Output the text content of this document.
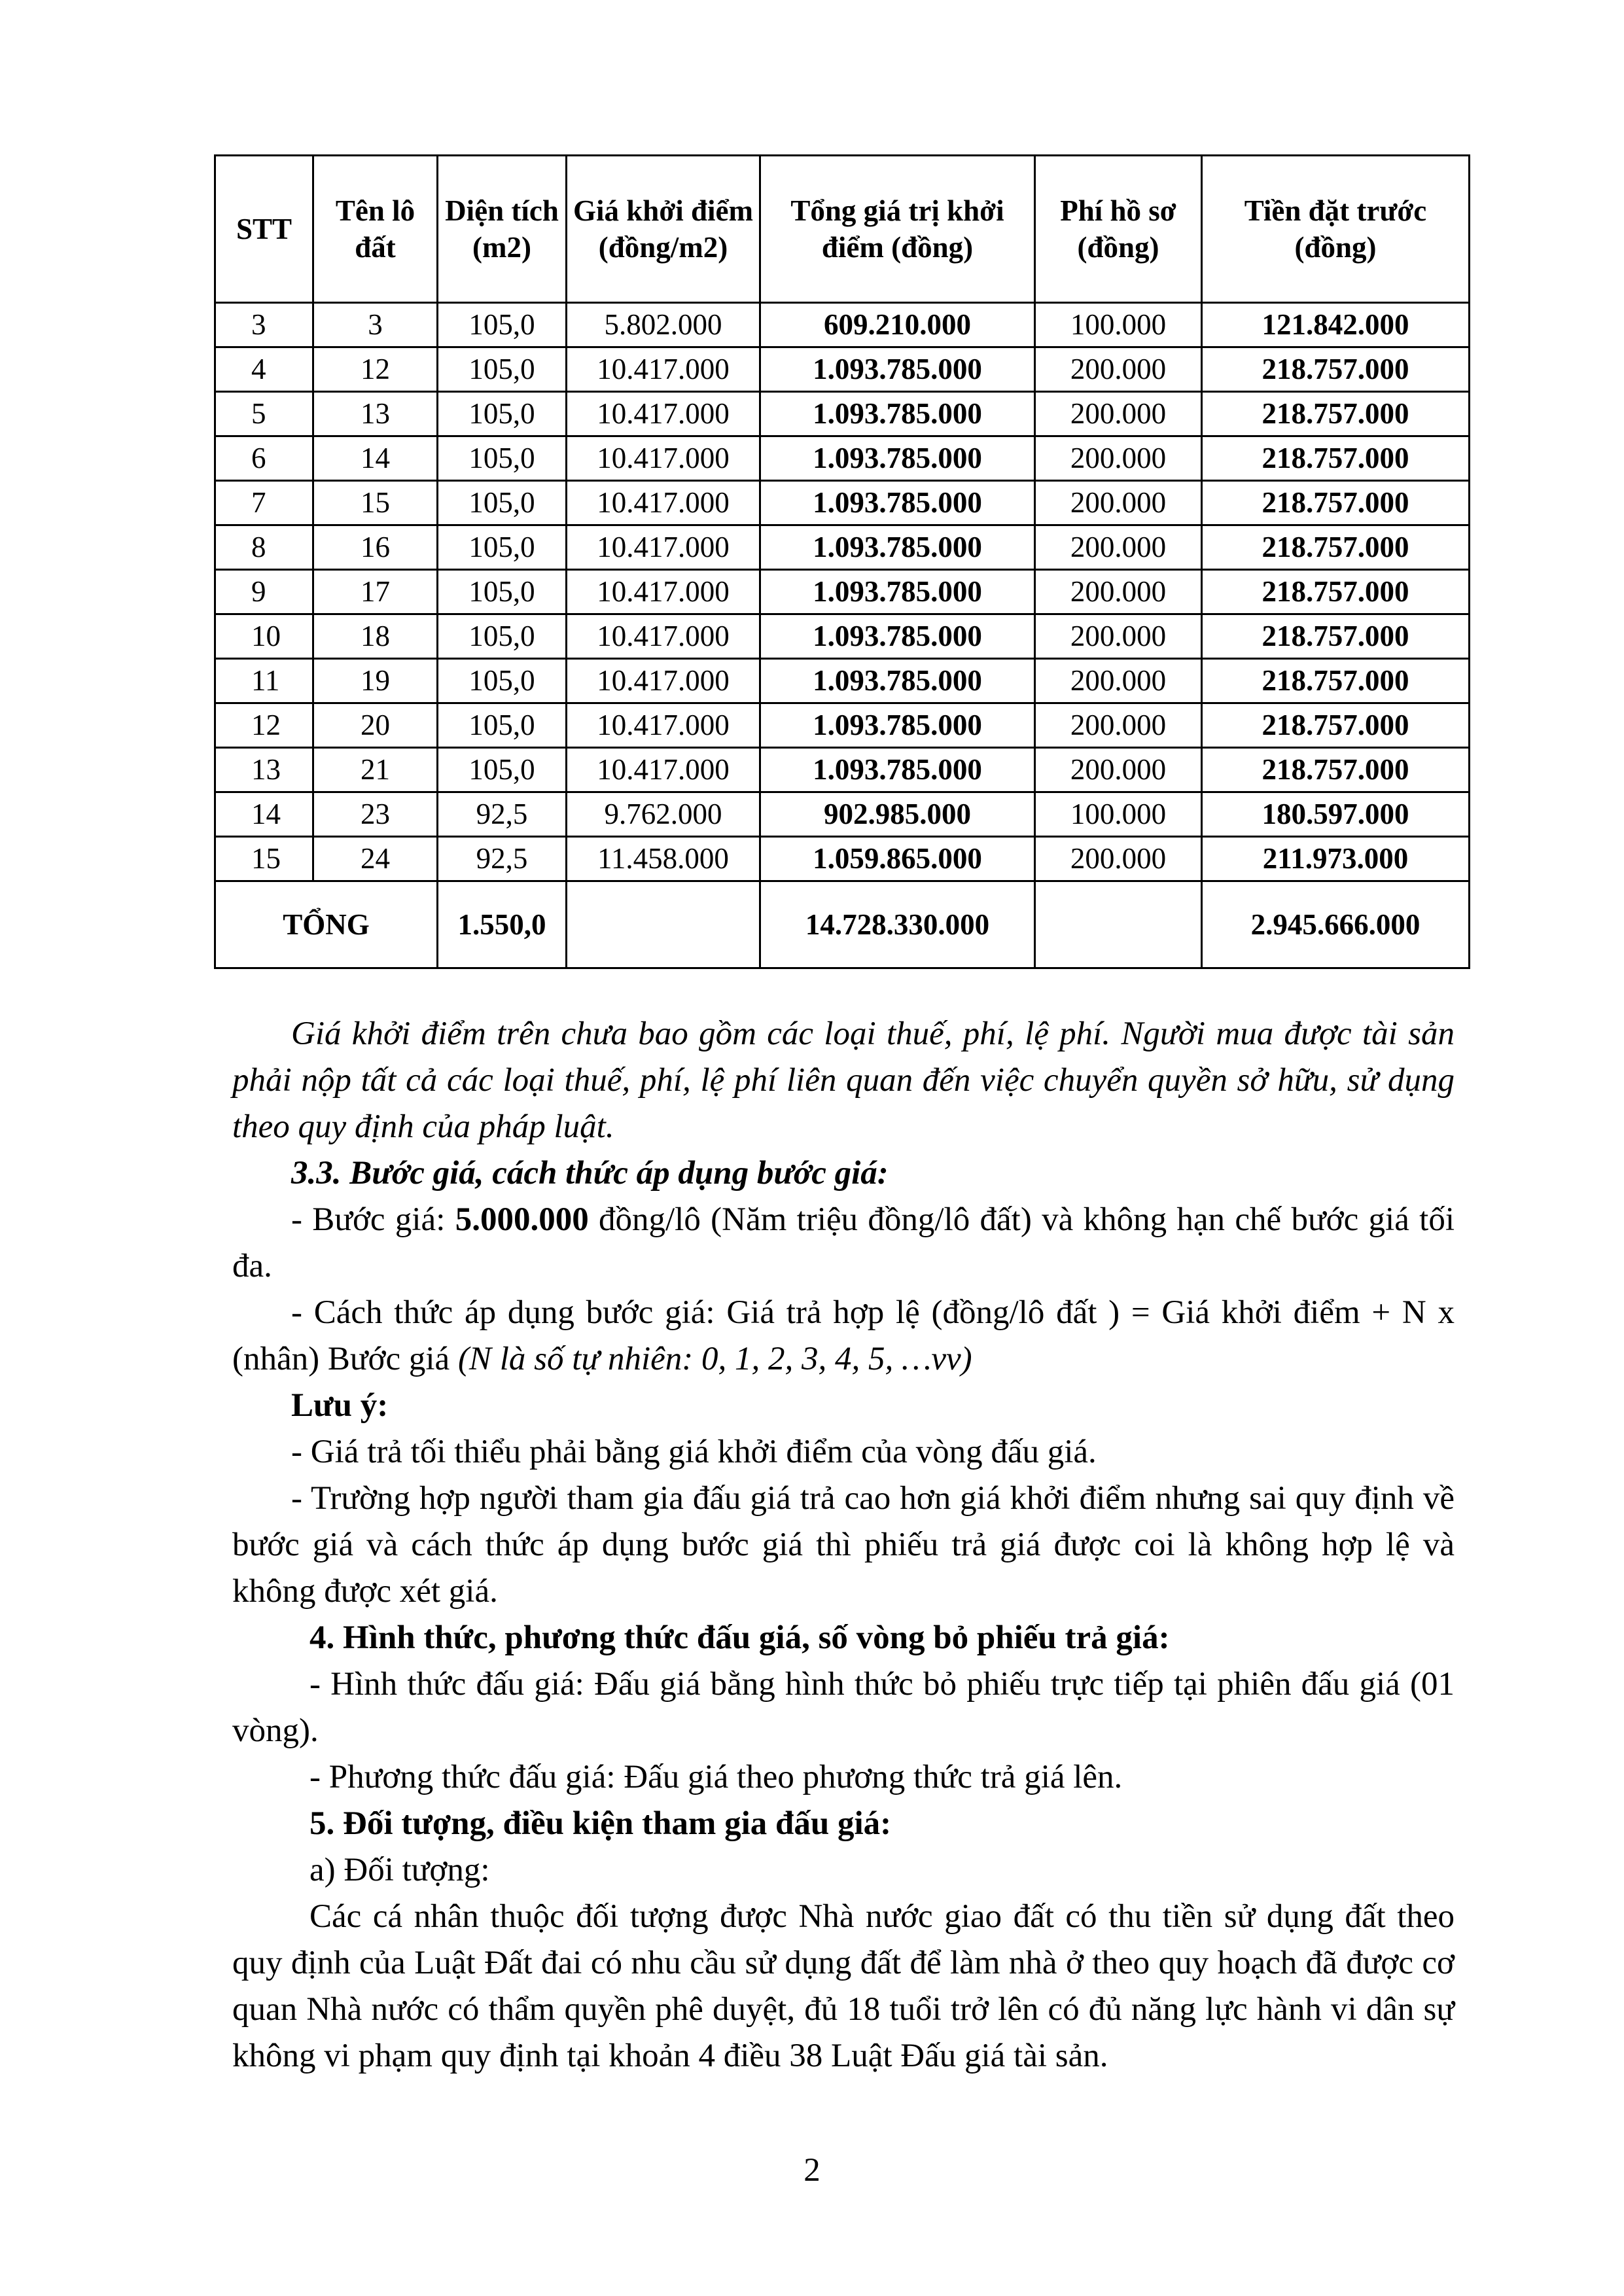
STT	Tên lô đất	Diện tích (m2)	Giá khởi điểm (đồng/m2)	Tổng giá trị khởi điểm (đồng)	Phí hồ sơ (đồng)	Tiền đặt trước (đồng)
3	3	105,0	5.802.000	609.210.000	100.000	121.842.000
4	12	105,0	10.417.000	1.093.785.000	200.000	218.757.000
5	13	105,0	10.417.000	1.093.785.000	200.000	218.757.000
6	14	105,0	10.417.000	1.093.785.000	200.000	218.757.000
7	15	105,0	10.417.000	1.093.785.000	200.000	218.757.000
8	16	105,0	10.417.000	1.093.785.000	200.000	218.757.000
9	17	105,0	10.417.000	1.093.785.000	200.000	218.757.000
10	18	105,0	10.417.000	1.093.785.000	200.000	218.757.000
11	19	105,0	10.417.000	1.093.785.000	200.000	218.757.000
12	20	105,0	10.417.000	1.093.785.000	200.000	218.757.000
13	21	105,0	10.417.000	1.093.785.000	200.000	218.757.000
14	23	92,5	9.762.000	902.985.000	100.000	180.597.000
15	24	92,5	11.458.000	1.059.865.000	200.000	211.973.000
TỔNG		1.550,0		14.728.330.000		2.945.666.000

Giá khởi điểm trên chưa bao gồm các loại thuế, phí, lệ phí. Người mua được tài sản phải nộp tất cả các loại thuế, phí, lệ phí liên quan đến việc chuyển quyền sở hữu, sử dụng theo quy định của pháp luật.

3.3. Bước giá, cách thức áp dụng bước giá:

- Bước giá: 5.000.000 đồng/lô (Năm triệu đồng/lô đất) và không hạn chế bước giá tối đa.

- Cách thức áp dụng bước giá: Giá trả hợp lệ (đồng/lô đất ) = Giá khởi điểm + N x (nhân) Bước giá (N là số tự nhiên: 0, 1, 2, 3, 4, 5, …vv)

Lưu ý:

- Giá trả tối thiểu phải bằng giá khởi điểm của vòng đấu giá.

- Trường hợp người tham gia đấu giá trả cao hơn giá khởi điểm nhưng sai quy định về bước giá và cách thức áp dụng bước giá thì phiếu trả giá được coi là không hợp lệ và không được xét giá.

4. Hình thức, phương thức đấu giá, số vòng bỏ phiếu trả giá:

- Hình thức đấu giá: Đấu giá bằng hình thức bỏ phiếu trực tiếp tại phiên đấu giá (01 vòng).

- Phương thức đấu giá: Đấu giá theo phương thức trả giá lên.

5. Đối tượng, điều kiện tham gia đấu giá:

a) Đối tượng:

Các cá nhân thuộc đối tượng được Nhà nước giao đất có thu tiền sử dụng đất theo quy định của Luật Đất đai có nhu cầu sử dụng đất để làm nhà ở theo quy hoạch đã được cơ quan Nhà nước có thẩm quyền phê duyệt, đủ 18 tuổi trở lên có đủ năng lực hành vi dân sự không vi phạm quy định tại khoản 4 điều 38 Luật Đấu giá tài sản.

2
